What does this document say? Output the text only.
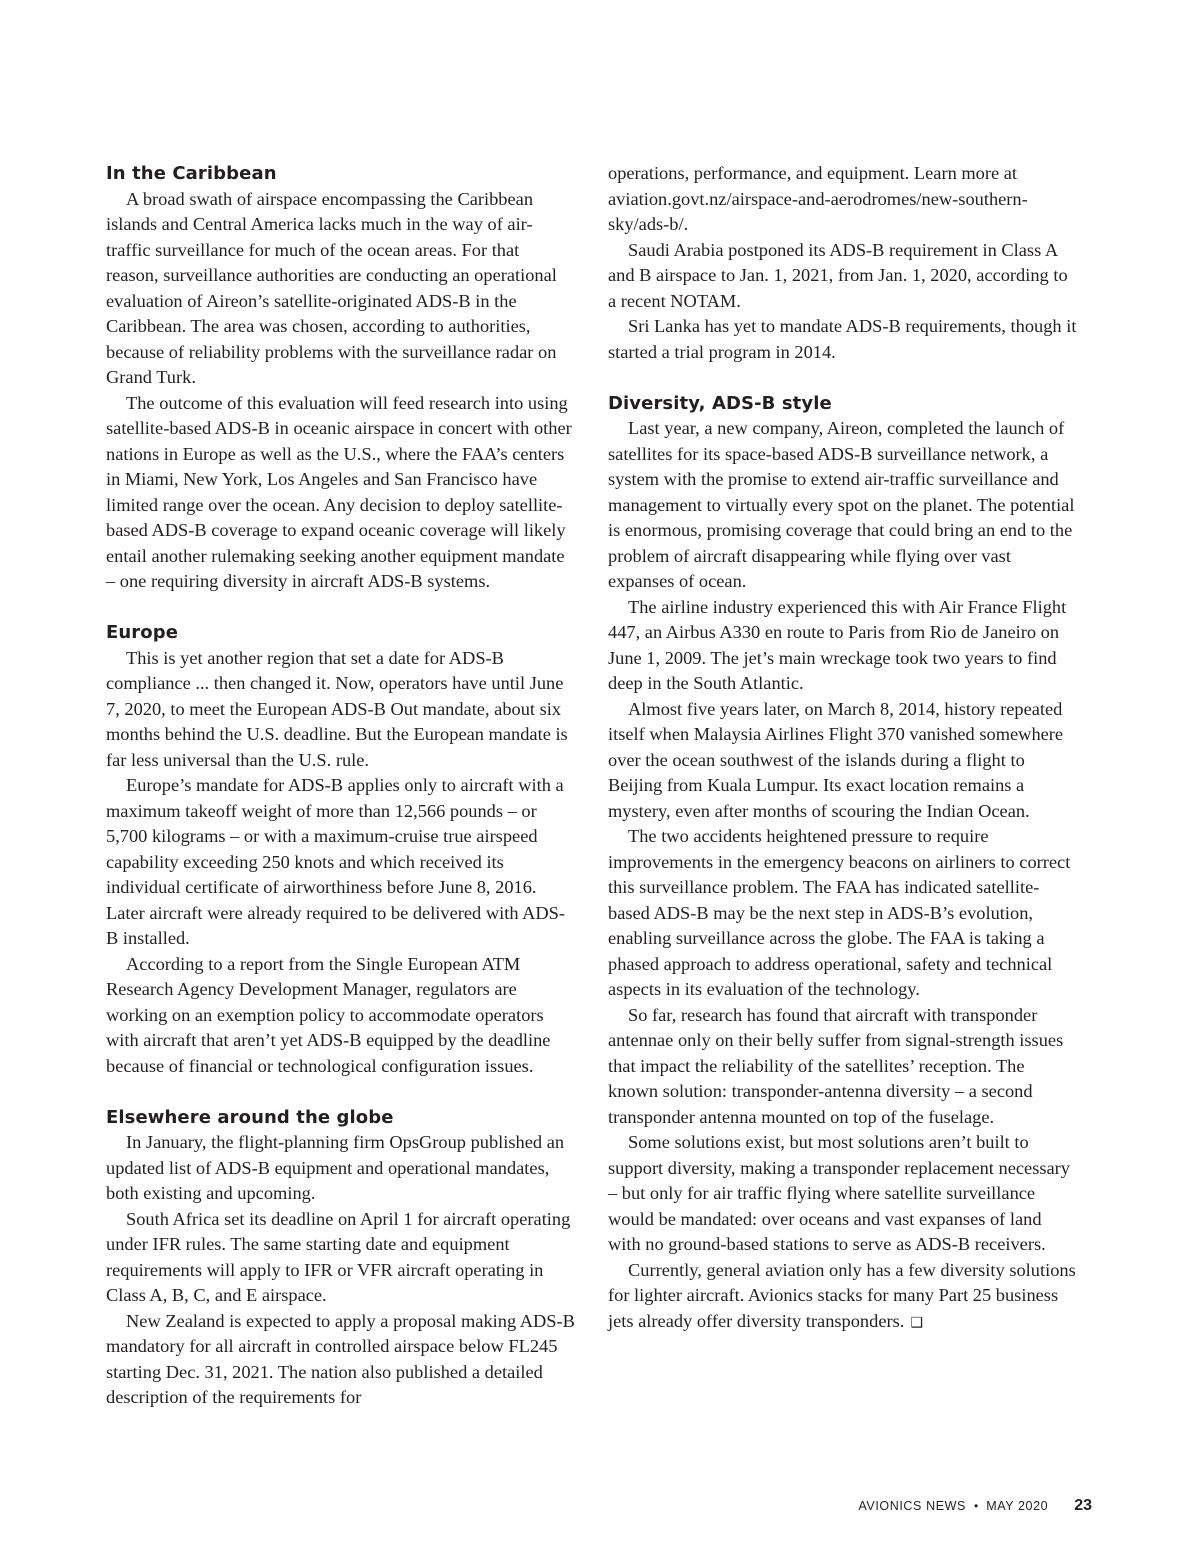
In the Caribbean

A broad swath of airspace encompassing the Caribbean islands and Central America lacks much in the way of air-traffic surveillance for much of the ocean areas. For that reason, surveillance authorities are conducting an operational evaluation of Aireon’s satellite-originated ADS-B in the Caribbean. The area was chosen, according to authorities, because of reliability problems with the surveillance radar on Grand Turk.

The outcome of this evaluation will feed research into using satellite-based ADS-B in oceanic airspace in concert with other nations in Europe as well as the U.S., where the FAA’s centers in Miami, New York, Los Angeles and San Francisco have limited range over the ocean. Any decision to deploy satellite-based ADS-B coverage to expand oceanic coverage will likely entail another rulemaking seeking another equipment mandate – one requiring diversity in aircraft ADS-B systems.

Europe

This is yet another region that set a date for ADS-B compliance ... then changed it. Now, operators have until June 7, 2020, to meet the European ADS-B Out mandate, about six months behind the U.S. deadline. But the European mandate is far less universal than the U.S. rule.

Europe’s mandate for ADS-B applies only to aircraft with a maximum takeoff weight of more than 12,566 pounds – or 5,700 kilograms – or with a maximum-cruise true airspeed capability exceeding 250 knots and which received its individual certificate of airworthiness before June 8, 2016. Later aircraft were already required to be delivered with ADS-B installed.

According to a report from the Single European ATM Research Agency Development Manager, regulators are working on an exemption policy to accommodate operators with aircraft that aren’t yet ADS-B equipped by the deadline because of financial or technological configuration issues.

Elsewhere around the globe

In January, the flight-planning firm OpsGroup published an updated list of ADS-B equipment and operational mandates, both existing and upcoming.

South Africa set its deadline on April 1 for aircraft operating under IFR rules. The same starting date and equipment requirements will apply to IFR or VFR aircraft operating in Class A, B, C, and E airspace.

New Zealand is expected to apply a proposal making ADS-B mandatory for all aircraft in controlled airspace below FL245 starting Dec. 31, 2021. The nation also published a detailed description of the requirements for

operations, performance, and equipment. Learn more at aviation.govt.nz/airspace-and-aerodromes/new-southern-sky/ads-b/.

Saudi Arabia postponed its ADS-B requirement in Class A and B airspace to Jan. 1, 2021, from Jan. 1, 2020, according to a recent NOTAM.

Sri Lanka has yet to mandate ADS-B requirements, though it started a trial program in 2014.

Diversity, ADS-B style

Last year, a new company, Aireon, completed the launch of satellites for its space-based ADS-B surveillance network, a system with the promise to extend air-traffic surveillance and management to virtually every spot on the planet. The potential is enormous, promising coverage that could bring an end to the problem of aircraft disappearing while flying over vast expanses of ocean.

The airline industry experienced this with Air France Flight 447, an Airbus A330 en route to Paris from Rio de Janeiro on June 1, 2009. The jet’s main wreckage took two years to find deep in the South Atlantic.

Almost five years later, on March 8, 2014, history repeated itself when Malaysia Airlines Flight 370 vanished somewhere over the ocean southwest of the islands during a flight to Beijing from Kuala Lumpur. Its exact location remains a mystery, even after months of scouring the Indian Ocean.

The two accidents heightened pressure to require improvements in the emergency beacons on airliners to correct this surveillance problem. The FAA has indicated satellite-based ADS-B may be the next step in ADS-B’s evolution, enabling surveillance across the globe. The FAA is taking a phased approach to address operational, safety and technical aspects in its evaluation of the technology.

So far, research has found that aircraft with transponder antennae only on their belly suffer from signal-strength issues that impact the reliability of the satellites’ reception. The known solution: transponder-antenna diversity – a second transponder antenna mounted on top of the fuselage.

Some solutions exist, but most solutions aren’t built to support diversity, making a transponder replacement necessary – but only for air traffic flying where satellite surveillance would be mandated: over oceans and vast expanses of land with no ground-based stations to serve as ADS-B receivers.

Currently, general aviation only has a few diversity solutions for lighter aircraft. Avionics stacks for many Part 25 business jets already offer diversity transponders. ❑

AVIONICS NEWS • MAY 2020 23
